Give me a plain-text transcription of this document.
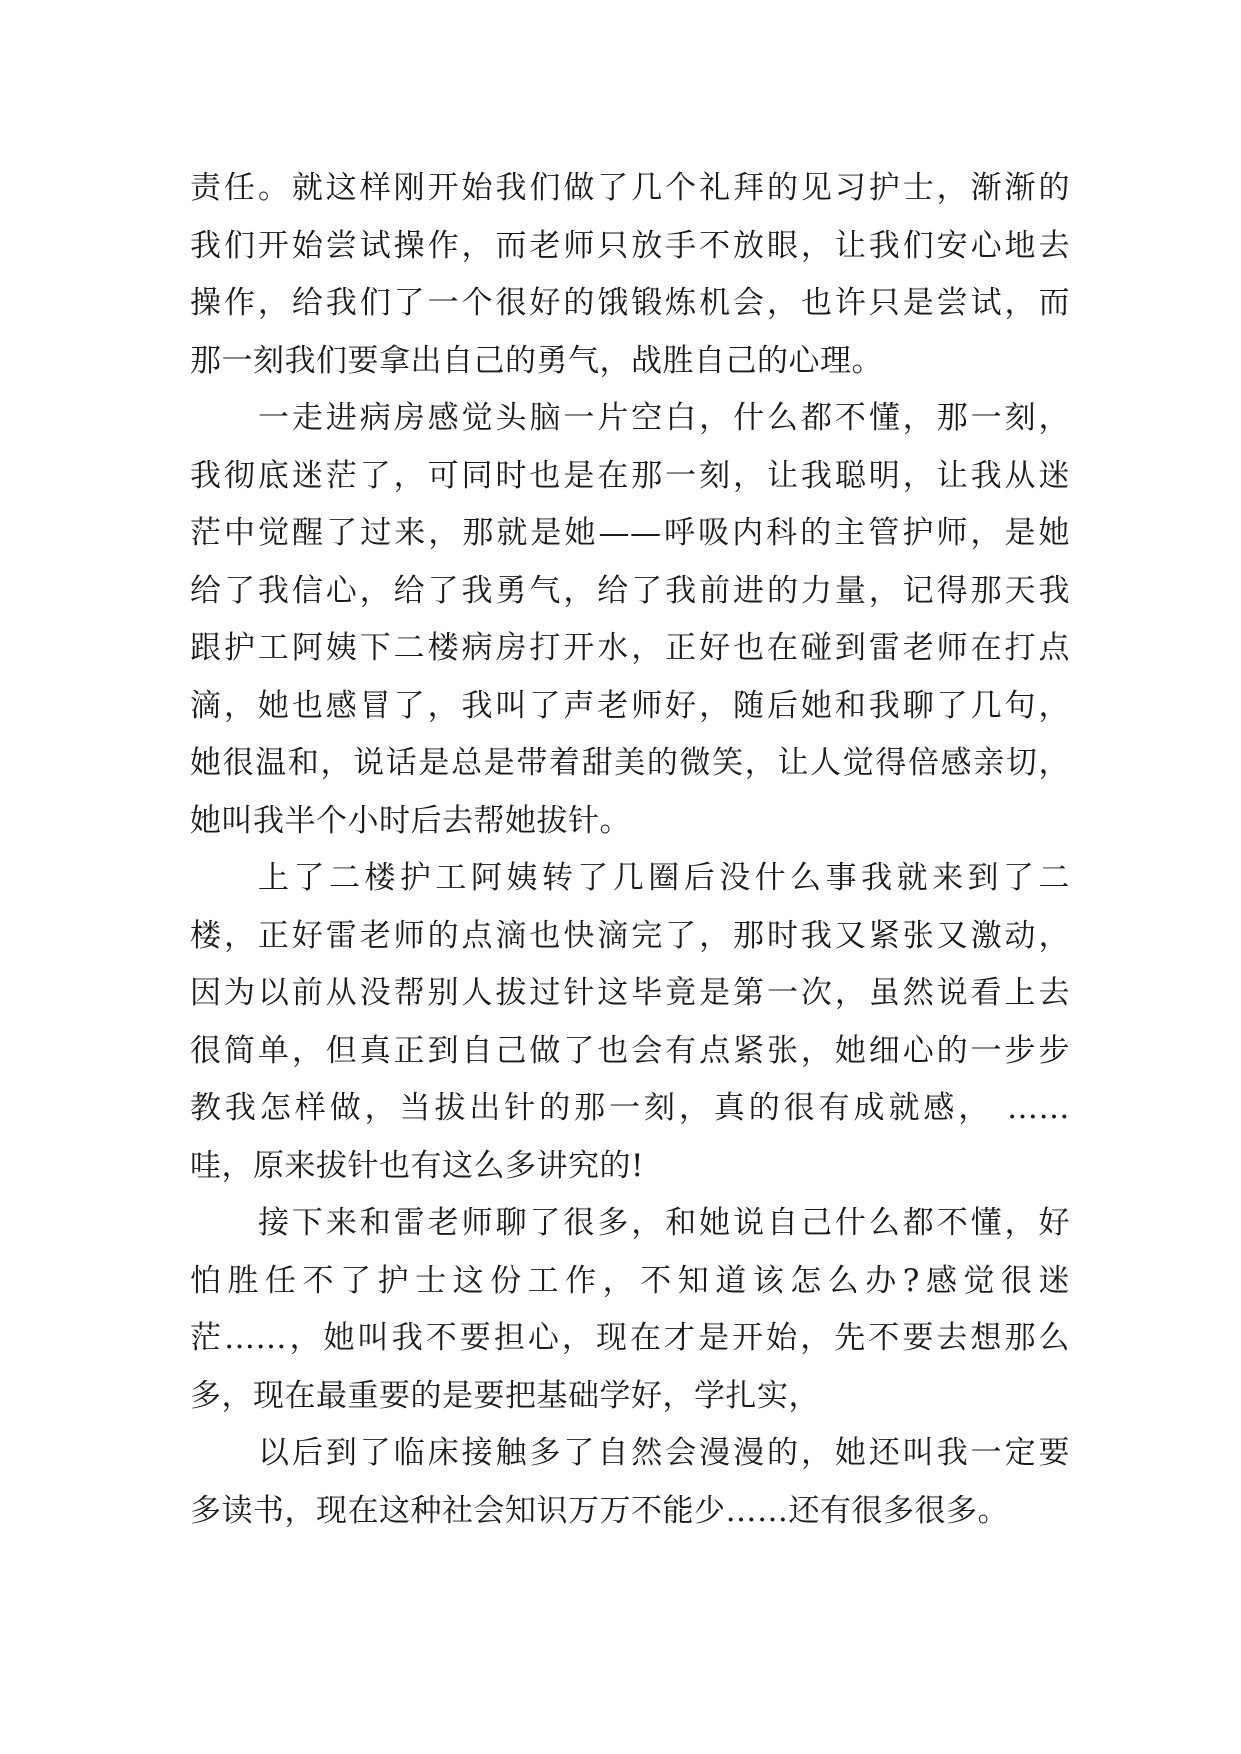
责任。就这样刚开始我们做了几个礼拜的见习护士，渐渐的
我们开始尝试操作，而老师只放手不放眼，让我们安心地去
操作，给我们了一个很好的饿锻炼机会，也许只是尝试，而
那一刻我们要拿出自己的勇气，战胜自己的心理。
一走进病房感觉头脑一片空白，什么都不懂，那一刻，
我彻底迷茫了，可同时也是在那一刻，让我聪明，让我从迷
茫中觉醒了过来，那就是她——呼吸内科的主管护师，是她
给了我信心，给了我勇气，给了我前进的力量，记得那天我
跟护工阿姨下二楼病房打开水，正好也在碰到雷老师在打点
滴，她也感冒了，我叫了声老师好，随后她和我聊了几句，
她很温和，说话是总是带着甜美的微笑，让人觉得倍感亲切，
她叫我半个小时后去帮她拔针。
上了二楼护工阿姨转了几圈后没什么事我就来到了二
楼，正好雷老师的点滴也快滴完了，那时我又紧张又激动，
因为以前从没帮别人拔过针这毕竟是第一次，虽然说看上去
很简单，但真正到自己做了也会有点紧张，她细心的一步步
教我怎样做，当拔出针的那一刻，真的很有成就感， ……
哇，原来拔针也有这么多讲究的!
接下来和雷老师聊了很多，和她说自己什么都不懂，好
怕胜任不了护士这份工作，不知道该怎么办?感觉很迷
茫……，她叫我不要担心，现在才是开始，先不要去想那么
多，现在最重要的是要把基础学好，学扎实，
以后到了临床接触多了自然会漫漫的，她还叫我一定要
多读书，现在这种社会知识万万不能少……还有很多很多。
